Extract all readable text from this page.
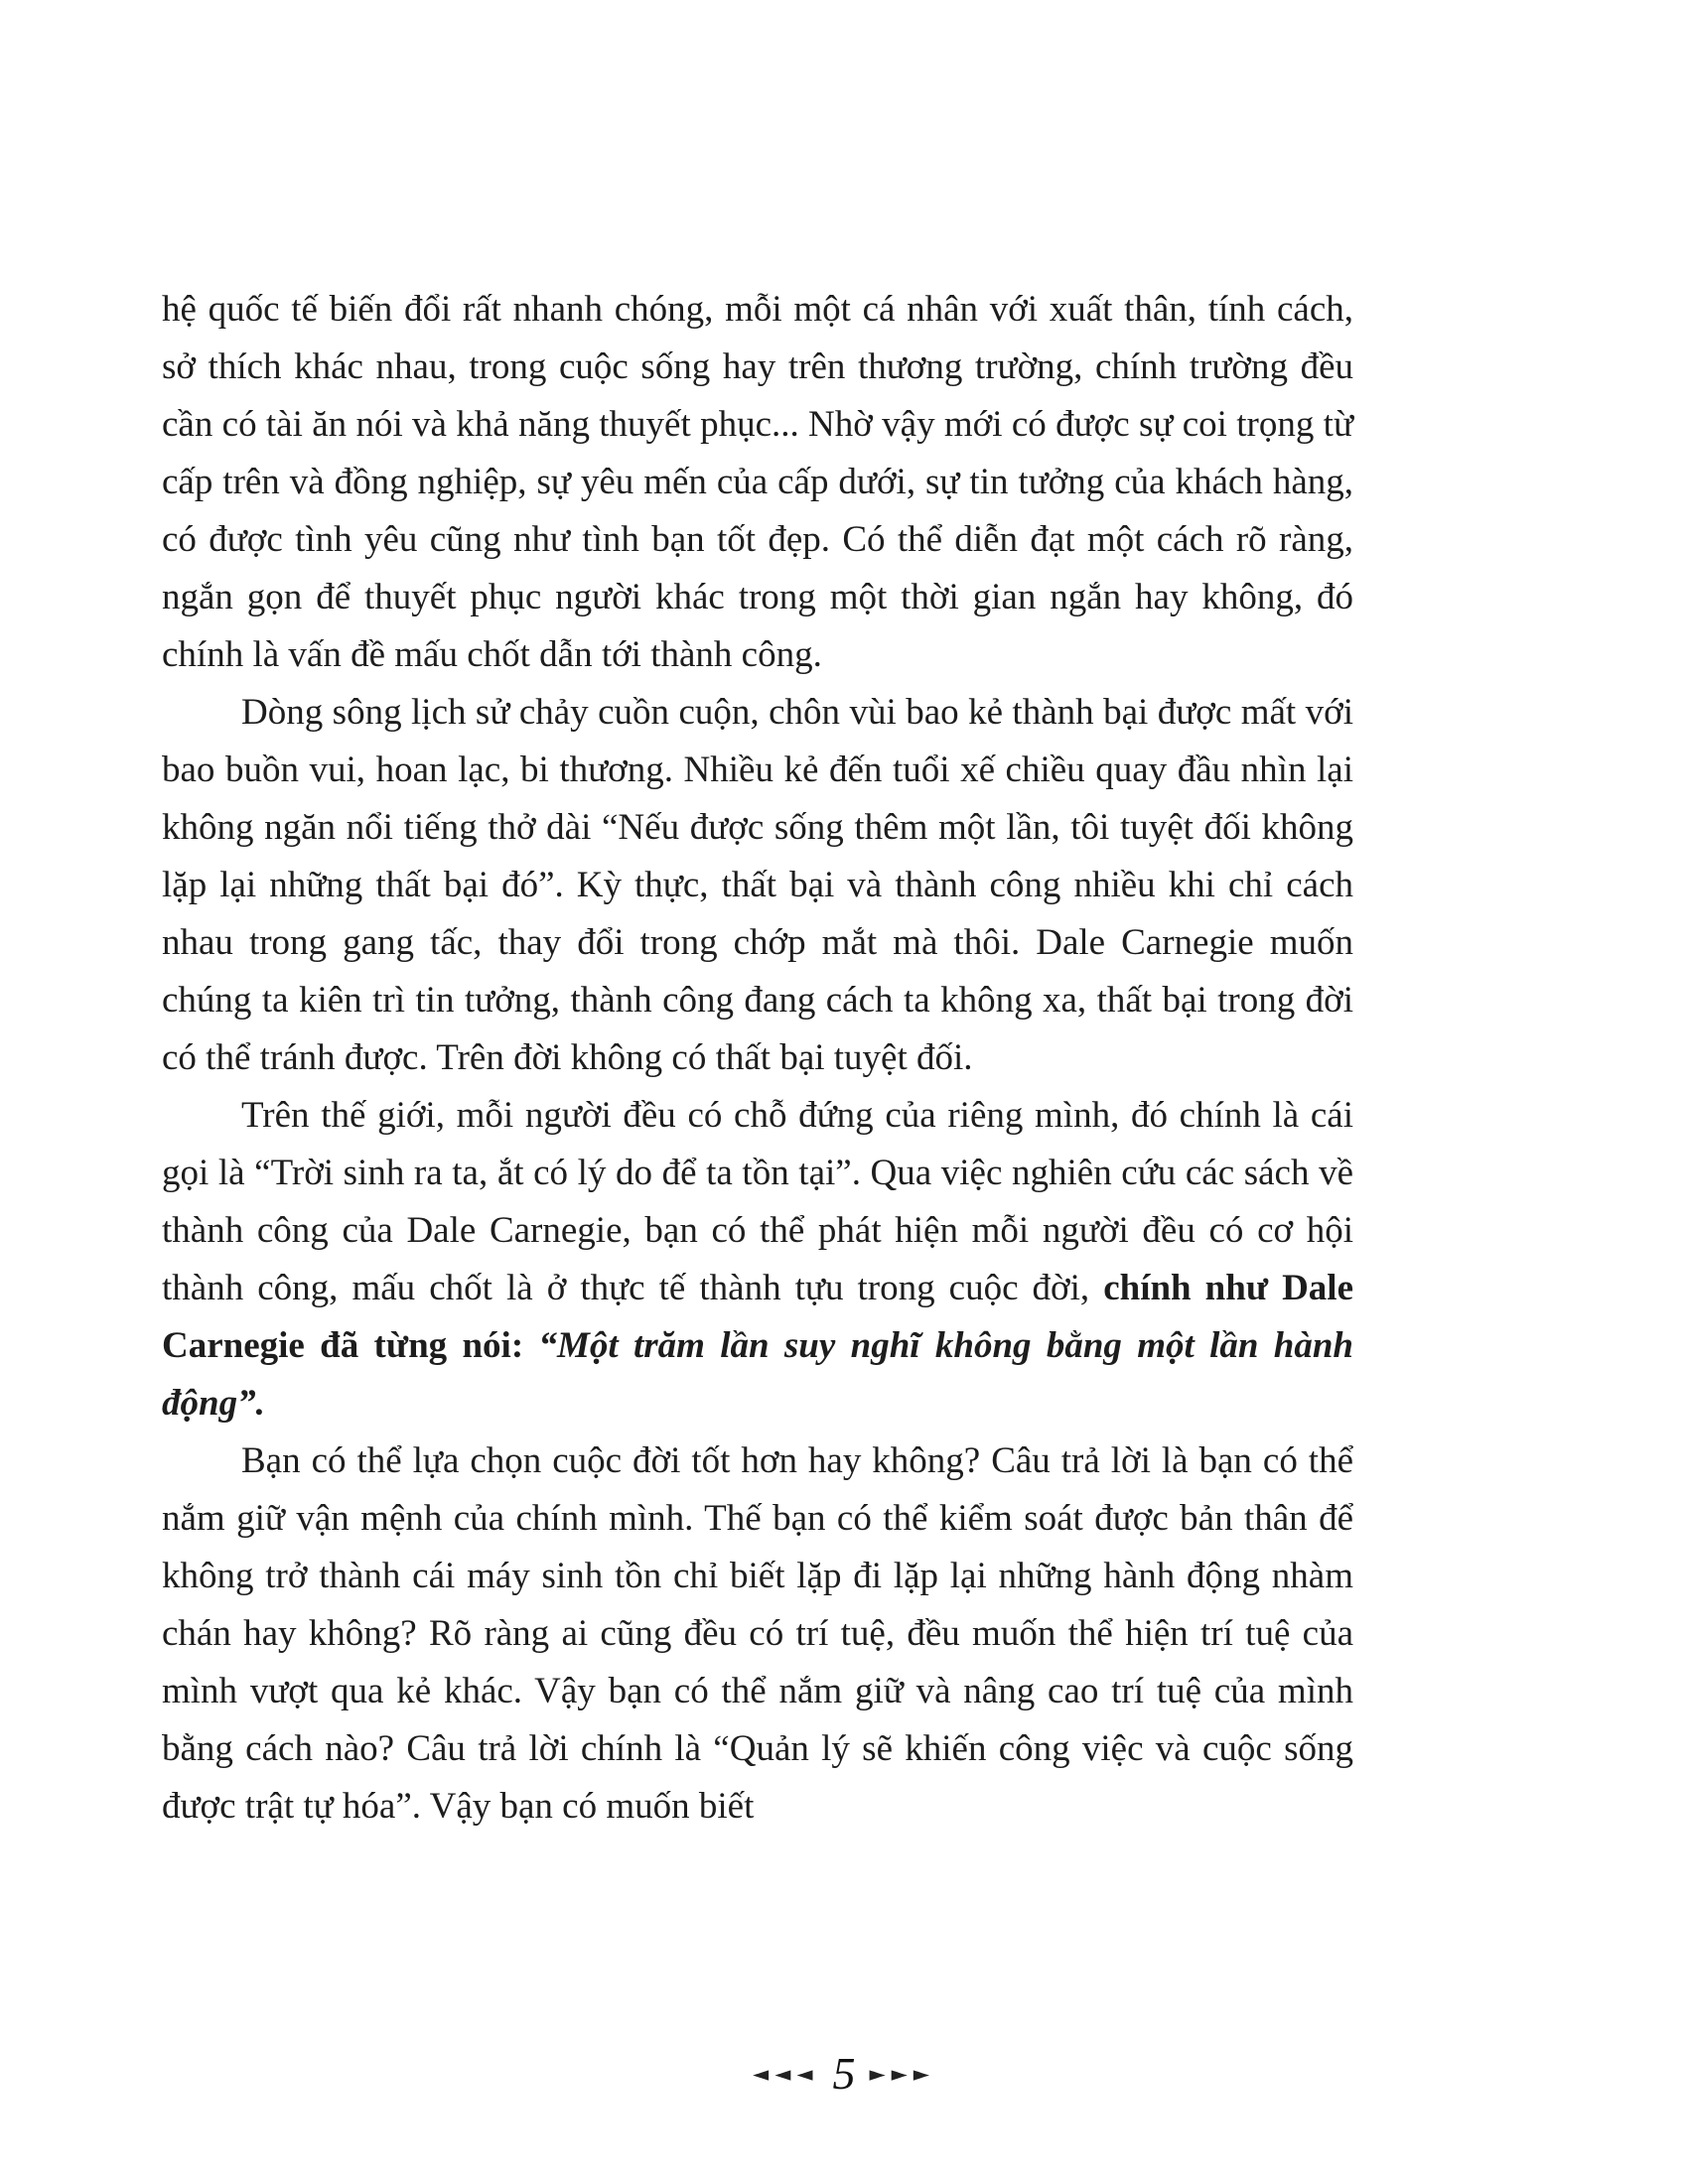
hệ quốc tế biến đổi rất nhanh chóng, mỗi một cá nhân với xuất thân, tính cách, sở thích khác nhau, trong cuộc sống hay trên thương trường, chính trường đều cần có tài ăn nói và khả năng thuyết phục... Nhờ vậy mới có được sự coi trọng từ cấp trên và đồng nghiệp, sự yêu mến của cấp dưới, sự tin tưởng của khách hàng, có được tình yêu cũng như tình bạn tốt đẹp. Có thể diễn đạt một cách rõ ràng, ngắn gọn để thuyết phục người khác trong một thời gian ngắn hay không, đó chính là vấn đề mấu chốt dẫn tới thành công.

Dòng sông lịch sử chảy cuồn cuộn, chôn vùi bao kẻ thành bại được mất với bao buồn vui, hoan lạc, bi thương. Nhiều kẻ đến tuổi xế chiều quay đầu nhìn lại không ngăn nổi tiếng thở dài “Nếu được sống thêm một lần, tôi tuyệt đối không lặp lại những thất bại đó”. Kỳ thực, thất bại và thành công nhiều khi chỉ cách nhau trong gang tấc, thay đổi trong chớp mắt mà thôi. Dale Carnegie muốn chúng ta kiên trì tin tưởng, thành công đang cách ta không xa, thất bại trong đời có thể tránh được. Trên đời không có thất bại tuyệt đối.

Trên thế giới, mỗi người đều có chỗ đứng của riêng mình, đó chính là cái gọi là “Trời sinh ra ta, ắt có lý do để ta tồn tại”. Qua việc nghiên cứu các sách về thành công của Dale Carnegie, bạn có thể phát hiện mỗi người đều có cơ hội thành công, mấu chốt là ở thực tế thành tựu trong cuộc đời, chính như Dale Carnegie đã từng nói: “Một trăm lần suy nghĩ không bằng một lần hành động”.

Bạn có thể lựa chọn cuộc đời tốt hơn hay không? Câu trả lời là bạn có thể nắm giữ vận mệnh của chính mình. Thế bạn có thể kiểm soát được bản thân để không trở thành cái máy sinh tồn chỉ biết lặp đi lặp lại những hành động nhàm chán hay không? Rõ ràng ai cũng đều có trí tuệ, đều muốn thể hiện trí tuệ của mình vượt qua kẻ khác. Vậy bạn có thể nắm giữ và nâng cao trí tuệ của mình bằng cách nào? Câu trả lời chính là “Quản lý sẽ khiến công việc và cuộc sống được trật tự hóa”. Vậy bạn có muốn biết

◄◄◄ 5 ►►►
